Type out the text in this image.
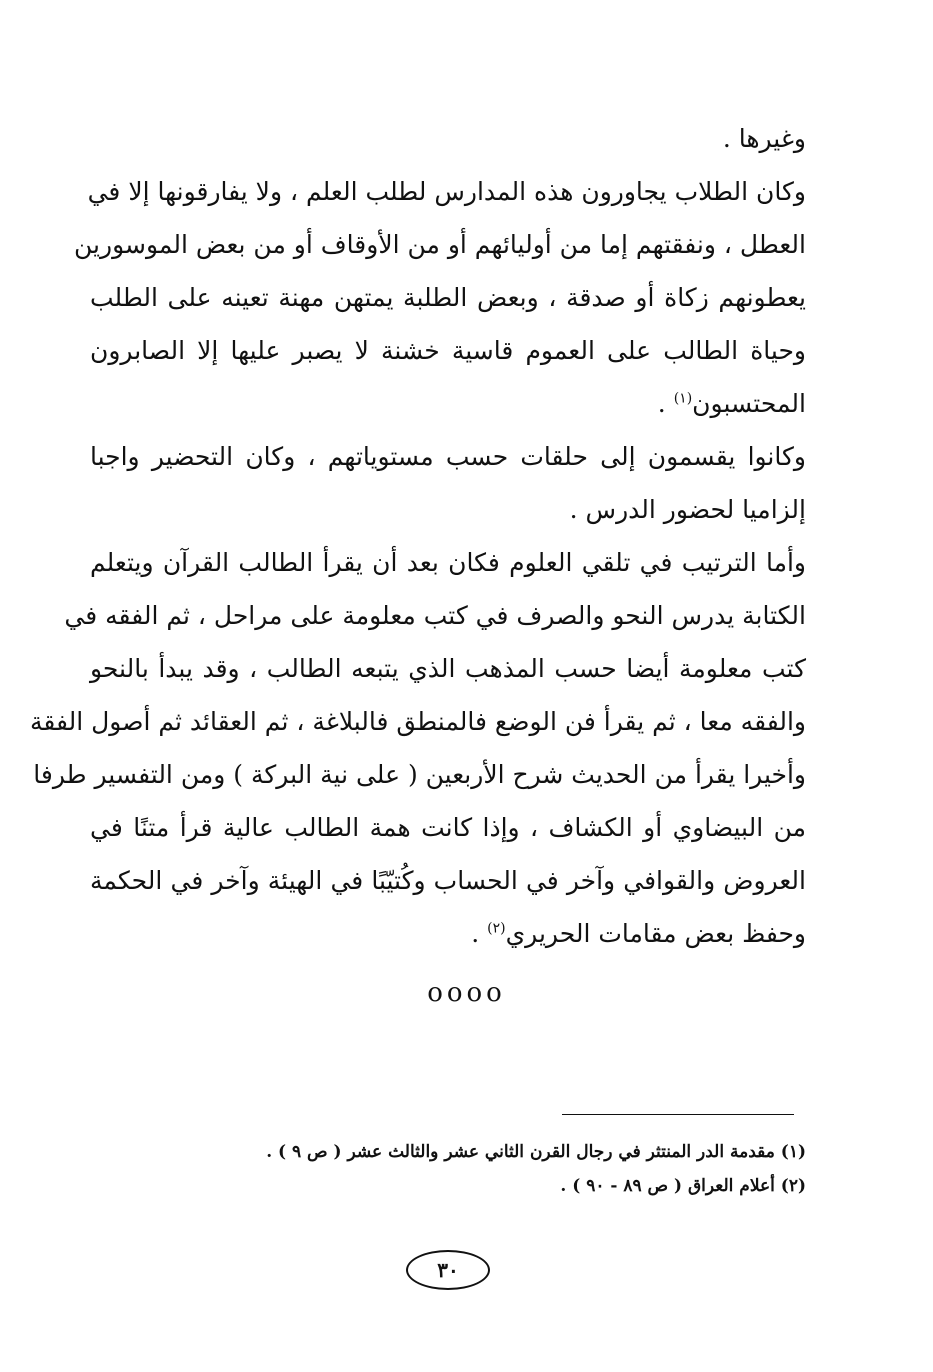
وغيرها .
وكان الطلاب يجاورون هذه المدارس لطلب العلم ، ولا يفارقونها إلا في
العطل ، ونفقتهم إما من أوليائهم أو من الأوقاف أو من بعض الموسورين
يعطونهم زكاة أو صدقة ، وبعض الطلبة يمتهن مهنة تعينه على الطلب
وحياة الطالب على العموم قاسية خشنة لا يصبر عليها إلا الصابرون
المحتسبون$^{(١)}$ .
وكانوا يقسمون إلى حلقات حسب مستوياتهم ، وكان التحضير واجبا
إلزاميا لحضور الدرس .
وأما الترتيب في تلقي العلوم فكان بعد أن يقرأ الطالب القرآن ويتعلم
الكتابة يدرس النحو والصرف في كتب معلومة على مراحل ، ثم الفقه في
كتب معلومة أيضا حسب المذهب الذي يتبعه الطالب ، وقد يبدأ بالنحو
والفقه معا ، ثم يقرأ فن الوضع فالمنطق فالبلاغة ، ثم العقائد ثم أصول الفقة
وأخيرا يقرأ من الحديث شرح الأربعين ( على نية البركة ) ومن التفسير طرفا
من البيضاوي أو الكشاف ، وإذا كانت همة الطالب عالية قرأ متنًا في
العروض والقوافي وآخر في الحساب وكُتيّبًا في الهيئة وآخر في الحكمة
وحفظ بعض مقامات الحريري$^{(٢)}$ .
oooo
(١) مقدمة الدر المنتثر في رجال القرن الثاني عشر والثالث عشر ( ص ٩ ) .
(٢) أعلام العراق ( ص ٨٩ - ٩٠ ) .
٣٠
